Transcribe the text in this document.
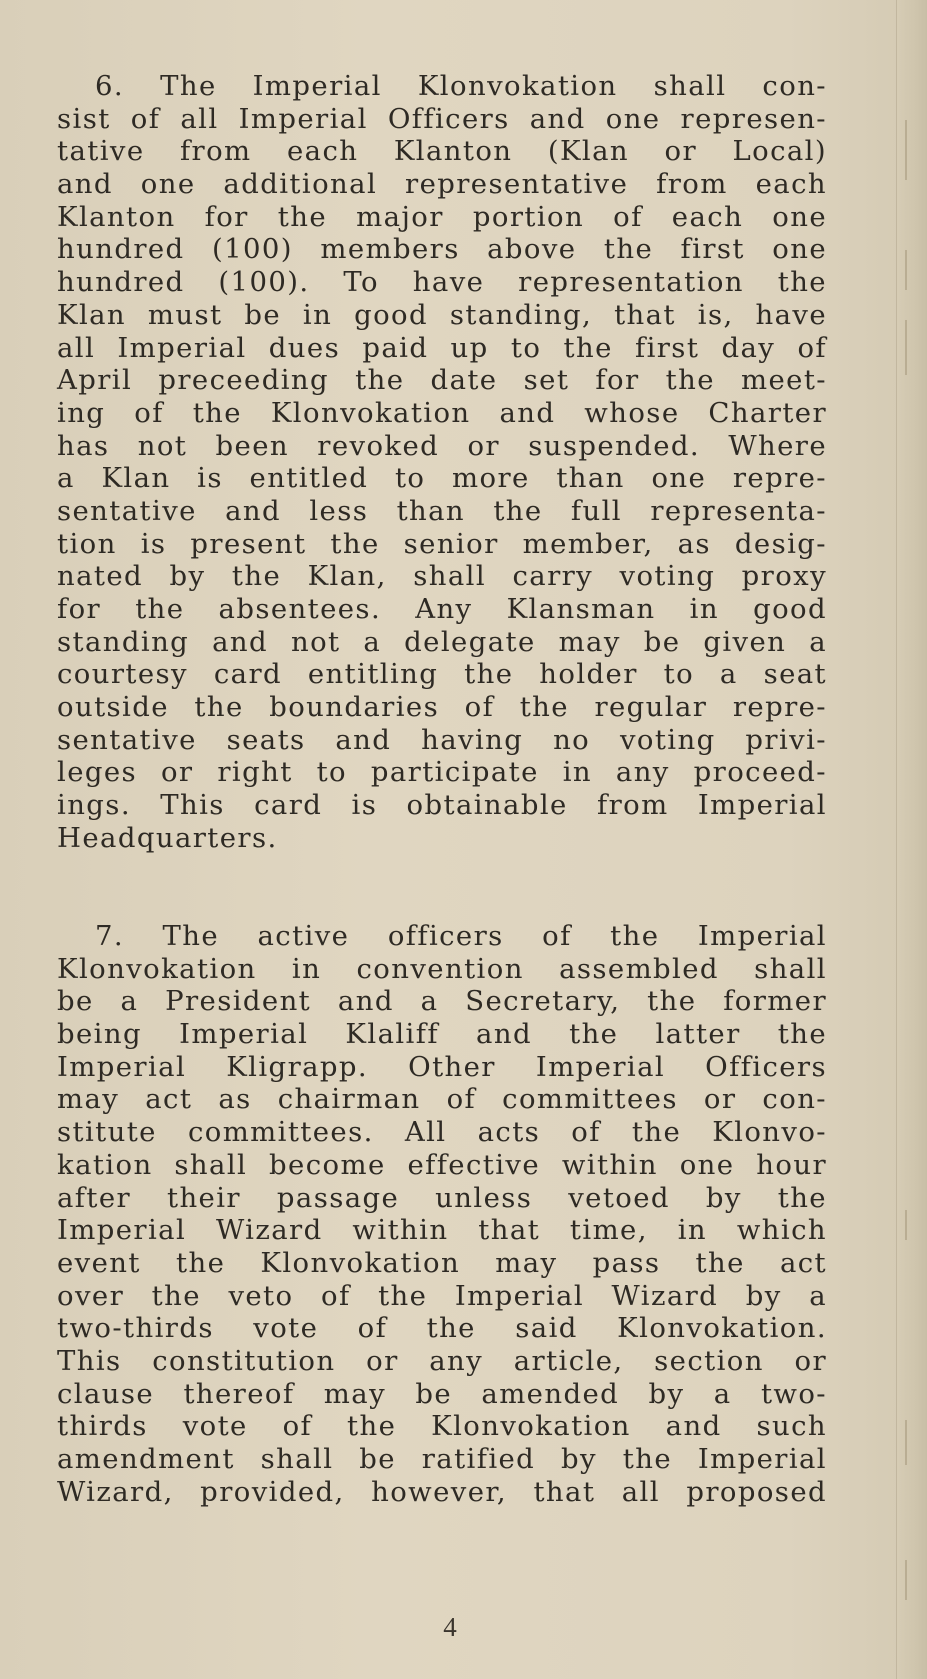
6. The Imperial Klonvokation shall con-
sist of all Imperial Officers and one represen-
tative from each Klanton (Klan or Local)
and one additional representative from each
Klanton for the major portion of each one
hundred (100) members above the first one
hundred (100). To have representation the
Klan must be in good standing, that is, have
all Imperial dues paid up to the first day of
April preceeding the date set for the meet-
ing of the Klonvokation and whose Charter
has not been revoked or suspended. Where
a Klan is entitled to more than one repre-
sentative and less than the full representa-
tion is present the senior member, as desig-
nated by the Klan, shall carry voting proxy
for the absentees. Any Klansman in good
standing and not a delegate may be given a
courtesy card entitling the holder to a seat
outside the boundaries of the regular repre-
sentative seats and having no voting privi-
leges or right to participate in any proceed-
ings. This card is obtainable from Imperial
Headquarters.
7. The active officers of the Imperial
Klonvokation in convention assembled shall
be a President and a Secretary, the former
being Imperial Klaliff and the latter the
Imperial Kligrapp. Other Imperial Officers
may act as chairman of committees or con-
stitute committees. All acts of the Klonvo-
kation shall become effective within one hour
after their passage unless vetoed by the
Imperial Wizard within that time, in which
event the Klonvokation may pass the act
over the veto of the Imperial Wizard by a
two-thirds vote of the said Klonvokation.
This constitution or any article, section or
clause thereof may be amended by a two-
thirds vote of the Klonvokation and such
amendment shall be ratified by the Imperial
Wizard, provided, however, that all proposed
4
